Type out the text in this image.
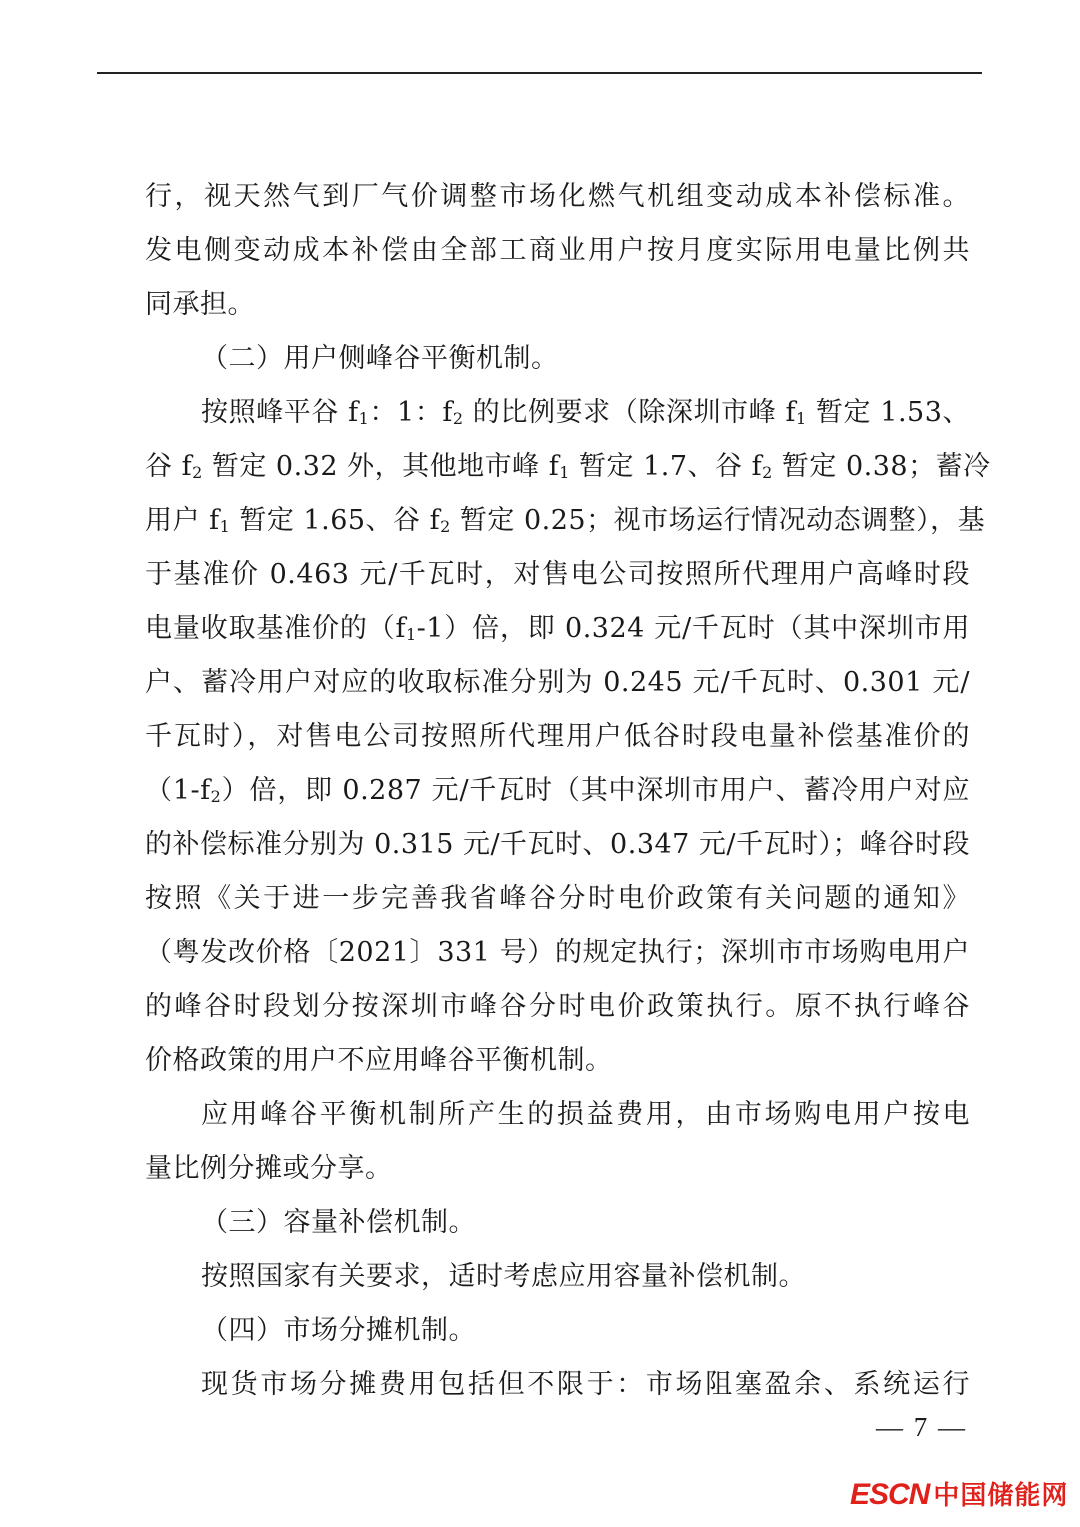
行，视天然气到厂气价调整市场化燃气机组变动成本补偿标准。
发电侧变动成本补偿由全部工商业用户按月度实际用电量比例共
同承担。
（二）用户侧峰谷平衡机制。
按照峰平谷 $f_1$：1：$f_2$ 的比例要求（除深圳市峰 $f_1$ 暂定 1.53、
谷 $f_2$ 暂定 0.32 外，其他地市峰 $f_1$ 暂定 1.7、谷 $f_2$ 暂定 0.38；蓄冷
用户 $f_1$ 暂定 1.65、谷 $f_2$ 暂定 0.25；视市场运行情况动态调整），基
于基准价 0.463 元/千瓦时，对售电公司按照所代理用户高峰时段
电量收取基准价的$(f_1-1)$倍，即 0.324 元/千瓦时（其中深圳市用
户、蓄冷用户对应的收取标准分别为 0.245 元/千瓦时、0.301 元/
千瓦时），对售电公司按照所代理用户低谷时段电量补偿基准价的
$(1-f_2)$倍，即 0.287 元/千瓦时（其中深圳市用户、蓄冷用户对应
的补偿标准分别为 0.315 元/千瓦时、0.347 元/千瓦时）；峰谷时段
按照《关于进一步完善我省峰谷分时电价政策有关问题的通知》
（粤发改价格〔2021〕331 号）的规定执行；深圳市市场购电用户
的峰谷时段划分按深圳市峰谷分时电价政策执行。原不执行峰谷
价格政策的用户不应用峰谷平衡机制。
应用峰谷平衡机制所产生的损益费用，由市场购电用户按电
量比例分摊或分享。
（三）容量补偿机制。
按照国家有关要求，适时考虑应用容量补偿机制。
（四）市场分摊机制。
现货市场分摊费用包括但不限于：市场阻塞盈余、系统运行
— 7 —
ESCN 中国储能网
